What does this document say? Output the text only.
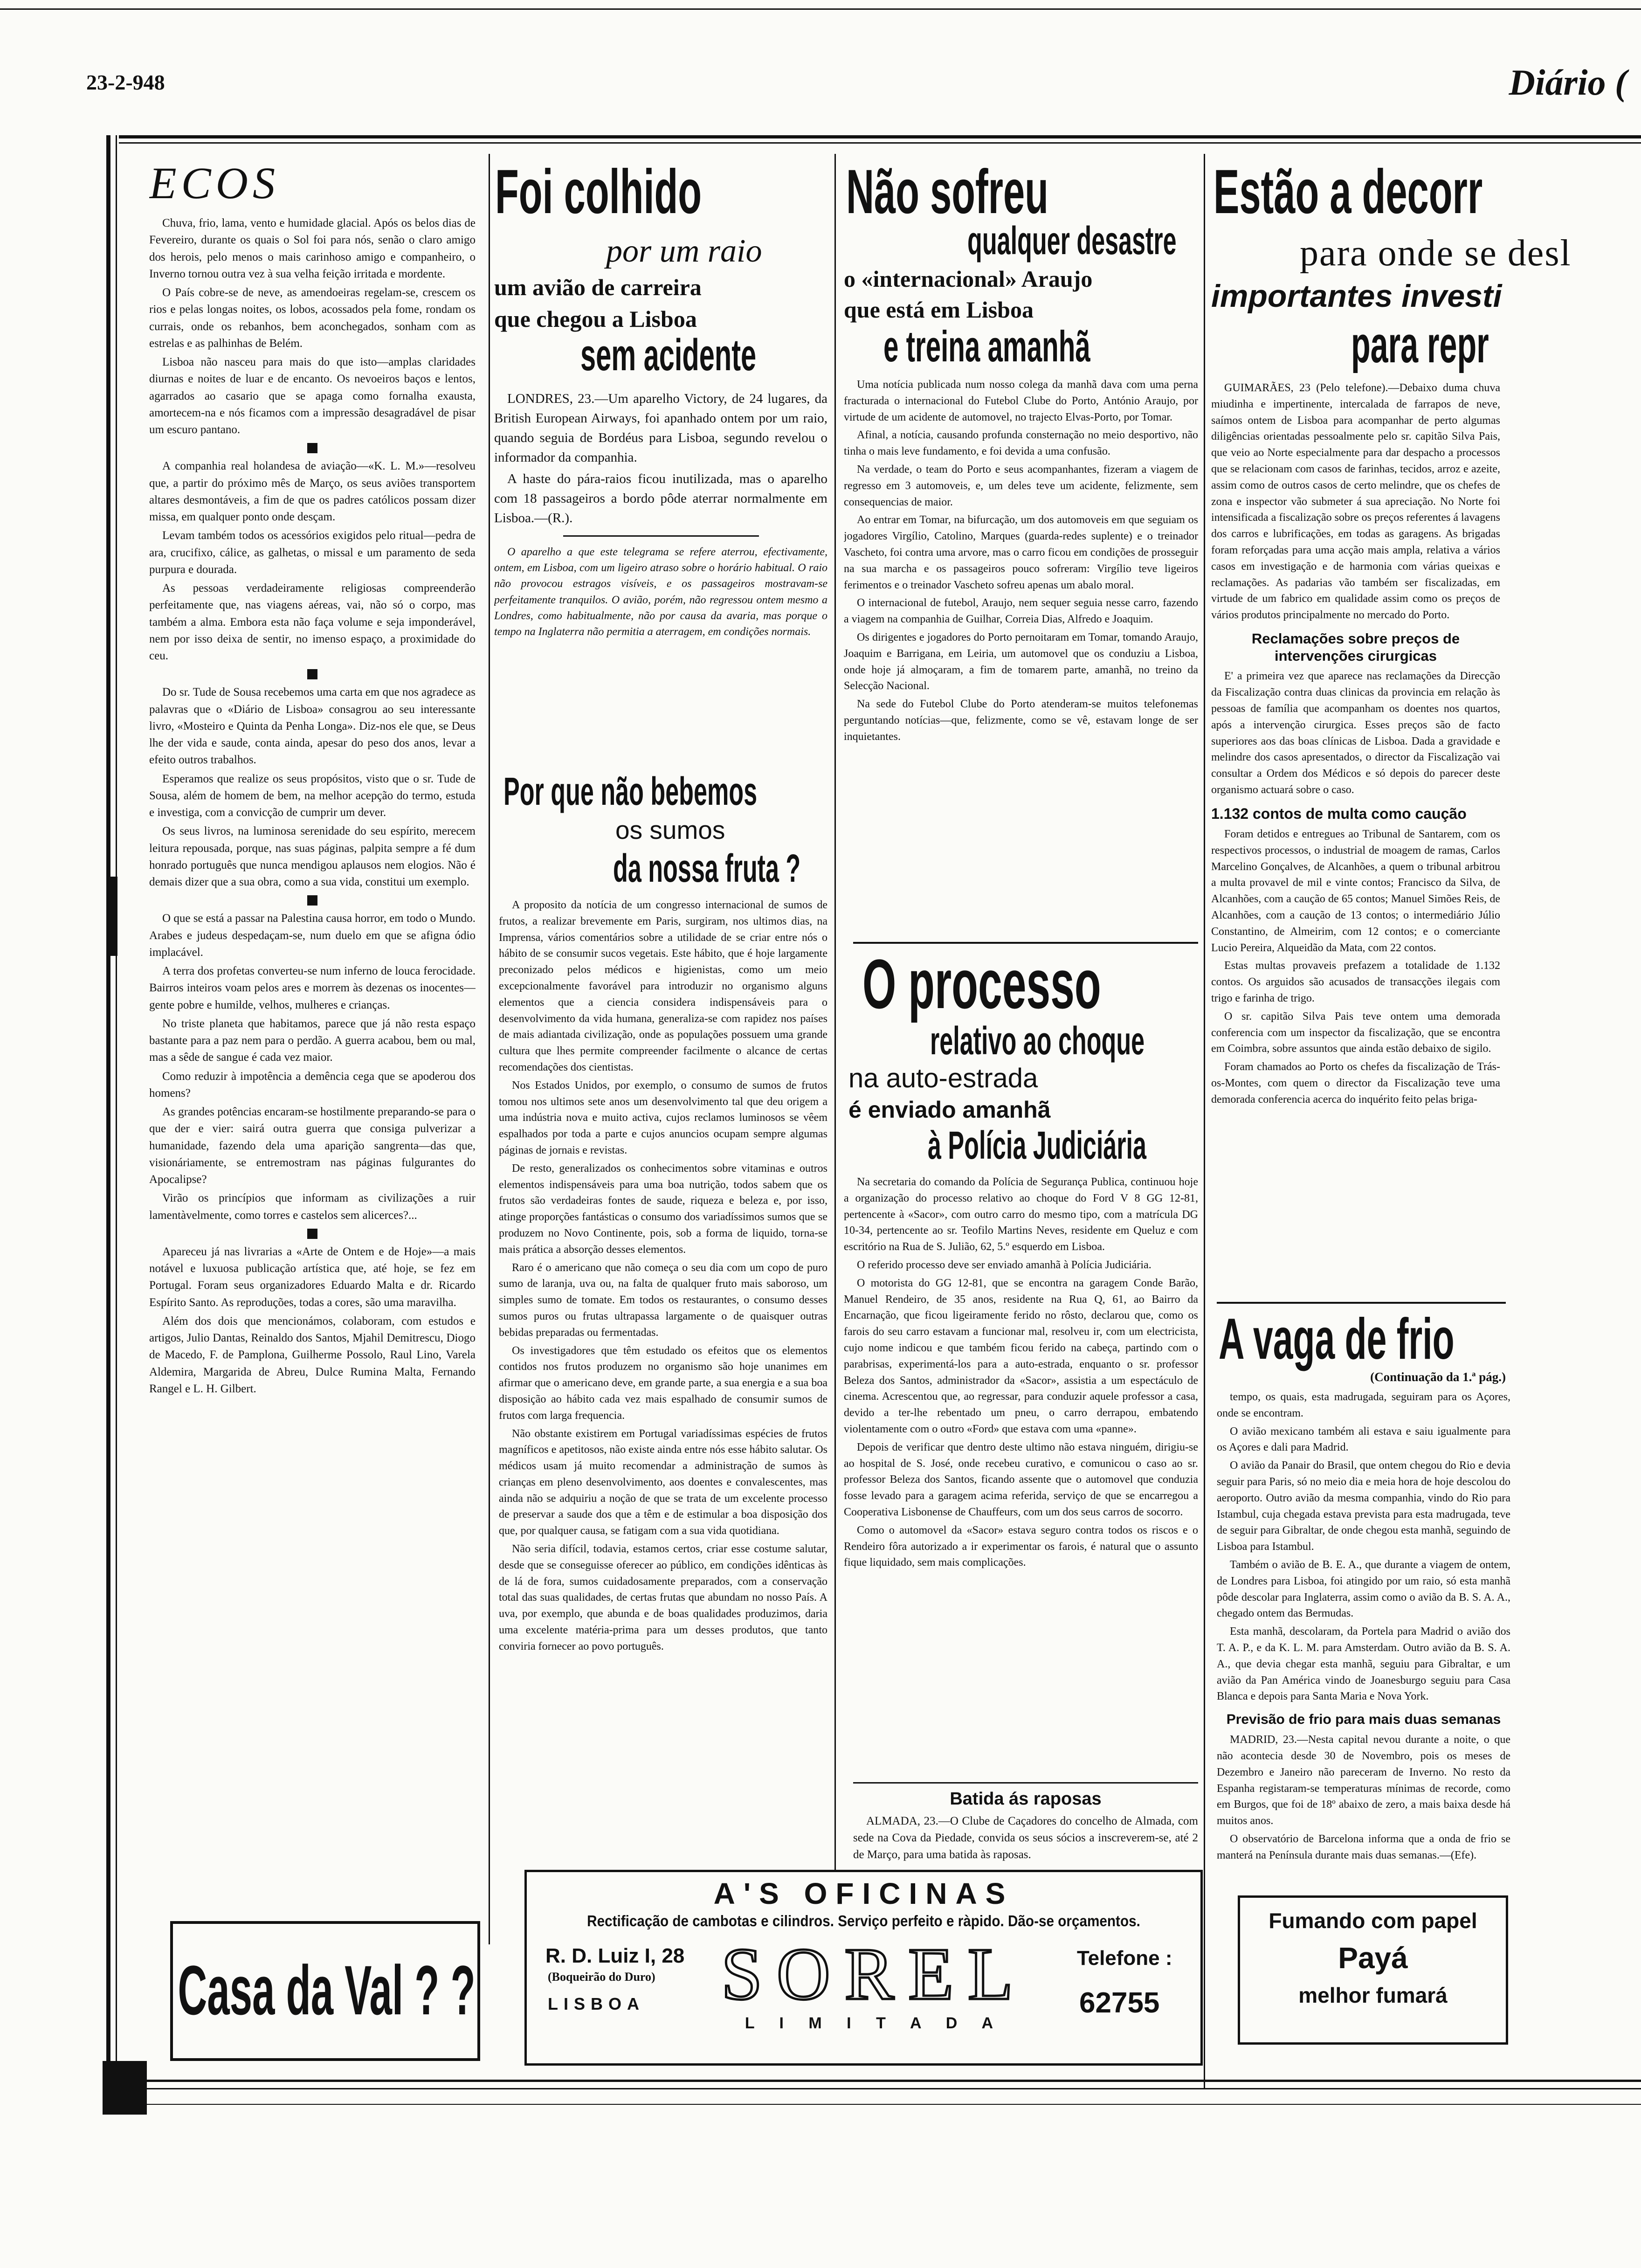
23-2-948	Diário (
ECOS
Chuva, frio, lama, vento e humidade glacial. Após os belos dias de Fevereiro, durante os quais o Sol foi para nós, senão o claro amigo dos herois, pelo menos o mais carinhoso amigo e companheiro, o Inverno tornou outra vez à sua velha feição irritada e mordente.
O País cobre-se de neve, as amendoeiras regelam-se, crescem os rios e pelas longas noites, os lobos, acossados pela fome, rondam os currais, onde os rebanhos, bem aconchegados, sonham com as estrelas e as palhinhas de Belém.
Lisboa não nasceu para mais do que isto—amplas claridades diurnas e noites de luar e de encanto. Os nevoeiros baços e lentos, agarrados ao casario que se apaga como fornalha exausta, amortecem-na e nós ficamos com a impressão desagradável de pisar um escuro pantano.
A companhia real holandesa de aviação—«K. L. M.»—resolveu que, a partir do próximo mês de Março, os seus aviões transportem altares desmontáveis, a fim de que os padres católicos possam dizer missa, em qualquer ponto onde desçam.
Levam também todos os acessórios exigidos pelo ritual—pedra de ara, crucifixo, cálice, as galhetas, o missal e um paramento de seda purpura e dourada.
As pessoas verdadeiramente religiosas compreenderão perfeitamente que, nas viagens aéreas, vai, não só o corpo, mas também a alma. Embora esta não faça volume e seja imponderável, nem por isso deixa de sentir, no imenso espaço, a proximidade do ceu.
Do sr. Tude de Sousa recebemos uma carta em que nos agradece as palavras que o «Diário de Lisboa» consagrou ao seu interessante livro, «Mosteiro e Quinta da Penha Longa». Diz-nos ele que, se Deus lhe der vida e saude, conta ainda, apesar do peso dos anos, levar a efeito outros trabalhos.
Esperamos que realize os seus propósitos, visto que o sr. Tude de Sousa, além de homem de bem, na melhor acepção do termo, estuda e investiga, com a convicção de cumprir um dever.
Os seus livros, na luminosa serenidade do seu espírito, merecem leitura repousada, porque, nas suas páginas, palpita sempre a fé dum honrado português que nunca mendigou aplausos nem elogios. Não é demais dizer que a sua obra, como a sua vida, constitui um exemplo.
O que se está a passar na Palestina causa horror, em todo o Mundo. Arabes e judeus despedaçam-se, num duelo em que se afigna ódio implacável.
A terra dos profetas converteu-se num inferno de louca ferocidade. Bairros inteiros voam pelos ares e morrem às dezenas os inocentes—gente pobre e humilde, velhos, mulheres e crianças.
No triste planeta que habitamos, parece que já não resta espaço bastante para a paz nem para o perdão. A guerra acabou, bem ou mal, mas a sêde de sangue é cada vez maior.
Como reduzir à impotência a demência cega que se apoderou dos homens?
As grandes potências encaram-se hostilmente preparando-se para o que der e vier: sairá outra guerra que consiga pulverizar a humanidade, fazendo dela uma aparição sangrenta—das que, visionáriamente, se entremostram nas páginas fulgurantes do Apocalipse?
Virão os princípios que informam as civilizações a ruir lamentàvelmente, como torres e castelos sem alicerces?...
Apareceu já nas livrarias a «Arte de Ontem e de Hoje»—a mais notável e luxuosa publicação artística que, até hoje, se fez em Portugal. Foram seus organizadores Eduardo Malta e dr. Ricardo Espírito Santo. As reproduções, todas a cores, são uma maravilha.
Além dos dois que mencionámos, colaboram, com estudos e artigos, Julio Dantas, Reinaldo dos Santos, Mjahil Demitrescu, Diogo de Macedo, F. de Pamplona, Guilherme Possolo, Raul Lino, Varela Aldemira, Margarida de Abreu, Dulce Rumina Malta, Fernando Rangel e L. H. Gilbert.
Casa da Val ? ?
Foi colhido
por um raio
um avião de carreira
que chegou a Lisboa
sem acidente
LONDRES, 23.—Um aparelho Victory, de 24 lugares, da British European Airways, foi apanhado ontem por um raio, quando seguia de Bordéus para Lisboa, segundo revelou o informador da companhia.
A haste do pára-raios ficou inutilizada, mas o aparelho com 18 passageiros a bordo pôde aterrar normalmente em Lisboa.—(R.).
O aparelho a que este telegrama se refere aterrou, efectivamente, ontem, em Lisboa, com um ligeiro atraso sobre o horário habitual. O raio não provocou estragos visíveis, e os passageiros mostravam-se perfeitamente tranquilos. O avião, porém, não regressou ontem mesmo a Londres, como habitualmente, não por causa da avaria, mas porque o tempo na Inglaterra não permitia a aterragem, em condições normais.
Por que não bebemos
os sumos
da nossa fruta ?
A proposito da notícia de um congresso internacional de sumos de frutos, a realizar brevemente em Paris, surgiram, nos ultimos dias, na Imprensa, vários comentários sobre a utilidade de se criar entre nós o hábito de se consumir sucos vegetais. Este hábito, que é hoje largamente preconizado pelos médicos e higienistas, como um meio excepcionalmente favorável para introduzir no organismo alguns elementos que a ciencia considera indispensáveis para o desenvolvimento da vida humana, generaliza-se com rapidez nos países de mais adiantada civilização, onde as populações possuem uma grande cultura que lhes permite compreender facilmente o alcance de certas recomendações dos cientistas.
Nos Estados Unidos, por exemplo, o consumo de sumos de frutos tomou nos ultimos sete anos um desenvolvimento tal que deu origem a uma indústria nova e muito activa, cujos reclamos luminosos se vêem espalhados por toda a parte e cujos anuncios ocupam sempre algumas páginas de jornais e revistas.
De resto, generalizados os conhecimentos sobre vitaminas e outros elementos indispensáveis para uma boa nutrição, todos sabem que os frutos são verdadeiras fontes de saude, riqueza e beleza e, por isso, atinge proporções fantásticas o consumo dos variadíssimos sumos que se produzem no Novo Continente, pois, sob a forma de liquido, torna-se mais prática a absorção desses elementos.
Raro é o americano que não começa o seu dia com um copo de puro sumo de laranja, uva ou, na falta de qualquer fruto mais saboroso, um simples sumo de tomate. Em todos os restaurantes, o consumo desses sumos puros ou frutas ultrapassa largamente o de quaisquer outras bebidas preparadas ou fermentadas.
Os investigadores que têm estudado os efeitos que os elementos contidos nos frutos produzem no organismo são hoje unanimes em afirmar que o americano deve, em grande parte, a sua energia e a sua boa disposição ao hábito cada vez mais espalhado de consumir sumos de frutos com larga frequencia.
Não obstante existirem em Portugal variadíssimas espécies de frutos magníficos e apetitosos, não existe ainda entre nós esse hábito salutar. Os médicos usam já muito recomendar a administração de sumos às crianças em pleno desenvolvimento, aos doentes e convalescentes, mas ainda não se adquiriu a noção de que se trata de um excelente processo de preservar a saude dos que a têm e de estimular a boa disposição dos que, por qualquer causa, se fatigam com a sua vida quotidiana.
Não seria difícil, todavia, estamos certos, criar esse costume salutar, desde que se conseguisse oferecer ao público, em condições idênticas às de lá de fora, sumos cuidadosamente preparados, com a conservação total das suas qualidades, de certas frutas que abundam no nosso País. A uva, por exemplo, que abunda e de boas qualidades produzimos, daria uma excelente matéria-prima para um desses produtos, que tanto conviria fornecer ao povo português.
Não sofreu
qualquer desastre
o «internacional» Araujo
que está em Lisboa
e treina amanhã
Uma notícia publicada num nosso colega da manhã dava com uma perna fracturada o internacional do Futebol Clube do Porto, António Araujo, por virtude de um acidente de automovel, no trajecto Elvas-Porto, por Tomar.
Afinal, a notícia, causando profunda consternação no meio desportivo, não tinha o mais leve fundamento, e foi devida a uma confusão.
Na verdade, o team do Porto e seus acompanhantes, fizeram a viagem de regresso em 3 automoveis, e, um deles teve um acidente, felizmente, sem consequencias de maior.
Ao entrar em Tomar, na bifurcação, um dos automoveis em que seguiam os jogadores Virgílio, Catolino, Marques (guarda-redes suplente) e o treinador Vascheto, foi contra uma arvore, mas o carro ficou em condições de prosseguir na sua marcha e os passageiros pouco sofreram: Virgílio teve ligeiros ferimentos e o treinador Vascheto sofreu apenas um abalo moral.
O internacional de futebol, Araujo, nem sequer seguia nesse carro, fazendo a viagem na companhia de Guilhar, Correia Dias, Alfredo e Joaquim.
Os dirigentes e jogadores do Porto pernoitaram em Tomar, tomando Araujo, Joaquim e Barrigana, em Leiria, um automovel que os conduziu a Lisboa, onde hoje já almoçaram, a fim de tomarem parte, amanhã, no treino da Selecção Nacional.
Na sede do Futebol Clube do Porto atenderam-se muitos telefonemas perguntando notícias—que, felizmente, como se vê, estavam longe de ser inquietantes.
O processo
relativo ao choque
na auto-estrada
é enviado amanhã
à Polícia Judiciária
Na secretaria do comando da Polícia de Segurança Publica, continuou hoje a organização do processo relativo ao choque do Ford V 8 GG 12-81, pertencente à «Sacor», com outro carro do mesmo tipo, com a matrícula DG 10-34, pertencente ao sr. Teofilo Martins Neves, residente em Queluz e com escritório na Rua de S. Julião, 62, 5.º esquerdo em Lisboa.
O referido processo deve ser enviado amanhã à Polícia Judiciária.
O motorista do GG 12-81, que se encontra na garagem Conde Barão, Manuel Rendeiro, de 35 anos, residente na Rua Q, 61, ao Bairro da Encarnação, que ficou ligeiramente ferido no rôsto, declarou que, como os farois do seu carro estavam a funcionar mal, resolveu ir, com um electricista, cujo nome indicou e que também ficou ferido na cabeça, partindo com o parabrisas, experimentá-los para a auto-estrada, enquanto o sr. professor Beleza dos Santos, administrador da «Sacor», assistia a um espectáculo de cinema. Acrescentou que, ao regressar, para conduzir aquele professor a casa, devido a ter-lhe rebentado um pneu, o carro derrapou, embatendo violentamente com o outro «Ford» que estava com uma «panne».
Depois de verificar que dentro deste ultimo não estava ninguém, dirigiu-se ao hospital de S. José, onde recebeu curativo, e comunicou o caso ao sr. professor Beleza dos Santos, ficando assente que o automovel que conduzia fosse levado para a garagem acima referida, serviço de que se encarregou a Cooperativa Lisbonense de Chauffeurs, com um dos seus carros de socorro.
Como o automovel da «Sacor» estava seguro contra todos os riscos e o Rendeiro fôra autorizado a ir experimentar os farois, é natural que o assunto fique liquidado, sem mais complicações.
Batida ás raposas
ALMADA, 23.—O Clube de Caçadores do concelho de Almada, com sede na Cova da Piedade, convida os seus sócios a inscreverem-se, até 2 de Março, para uma batida às raposas.
A'S OFICINAS
Rectificação de cambotas e cilindros. Serviço perfeito e ràpido. Dão-se orçamentos.
R. D. Luiz I, 28
(Boqueirão do Duro)
LISBOA	SOREL
L I M I T A D A
Telefone :
62755
Estão a decorr
para onde se desl
importantes investi
para repr
GUIMARÃES, 23 (Pelo telefone).—Debaixo duma chuva miudinha e impertinente, intercalada de farrapos de neve, saímos ontem de Lisboa para acompanhar de perto algumas diligências orientadas pessoalmente pelo sr. capitão Silva Pais, que veio ao Norte especialmente para dar despacho a processos que se relacionam com casos de farinhas, tecidos, arroz e azeite, assim como de outros casos de certo melindre, que os chefes de zona e inspector vão submeter á sua apreciação. No Norte foi intensificada a fiscalização sobre os preços referentes á lavagens dos carros e lubrificações, em todas as garagens. As brigadas foram reforçadas para uma acção mais ampla, relativa a vários casos em investigação e de harmonia com várias queixas e reclamações. As padarias vão também ser fiscalizadas, em virtude de um fabrico em qualidade assim como os preços de vários produtos principalmente no mercado do Porto.
Reclamações sobre preços de intervenções cirurgicas
E' a primeira vez que aparece nas reclamações da Direcção da Fiscalização contra duas clinicas da provincia em relação às pessoas de família que acompanham os doentes nos quartos, após a intervenção cirurgica. Esses preços são de facto superiores aos das boas clínicas de Lisboa. Dada a gravidade e melindre dos casos apresentados, o director da Fiscalização vai consultar a Ordem dos Médicos e só depois do parecer deste organismo actuará sobre o caso.
1.132 contos de multa como caução
Foram detidos e entregues ao Tribunal de Santarem, com os respectivos processos, o industrial de moagem de ramas, Carlos Marcelino Gonçalves, de Alcanhões, a quem o tribunal arbitrou a multa provavel de mil e vinte contos; Francisco da Silva, de Alcanhões, com a caução de 65 contos; Manuel Simões Reis, de Alcanhões, com a caução de 13 contos; o intermediário Júlio Constantino, de Almeirim, com 12 contos; e o comerciante Lucio Pereira, Alqueidão da Mata, com 22 contos.
Estas multas provaveis prefazem a totalidade de 1.132 contos. Os arguidos são acusados de transacções ilegais com trigo e farinha de trigo.
O sr. capitão Silva Pais teve ontem uma demorada conferencia com um inspector da fiscalização, que se encontra em Coimbra, sobre assuntos que ainda estão debaixo de sigilo.
Foram chamados ao Porto os chefes da fiscalização de Trás-os-Montes, com quem o director da Fiscalização teve uma demorada conferencia acerca do inquérito feito pelas briga-
A vaga de frio
(Continuação da 1.ª pág.)
tempo, os quais, esta madrugada, seguiram para os Açores, onde se encontram.
O avião mexicano também ali estava e saiu igualmente para os Açores e dali para Madrid.
O avião da Panair do Brasil, que ontem chegou do Rio e devia seguir para Paris, só no meio dia e meia hora de hoje descolou do aeroporto. Outro avião da mesma companhia, vindo do Rio para Istambul, cuja chegada estava prevista para esta madrugada, teve de seguir para Gibraltar, de onde chegou esta manhã, seguindo de Lisboa para Istambul.
Também o avião de B. E. A., que durante a viagem de ontem, de Londres para Lisboa, foi atingido por um raio, só esta manhã pôde descolar para Inglaterra, assim como o avião da B. S. A. A., chegado ontem das Bermudas.
Esta manhã, descolaram, da Portela para Madrid o avião dos T. A. P., e da K. L. M. para Amsterdam. Outro avião da B. S. A. A., que devia chegar esta manhã, seguiu para Gibraltar, e um avião da Pan América vindo de Joanesburgo seguiu para Casa Blanca e depois para Santa Maria e Nova York.
Previsão de frio para mais duas semanas
MADRID, 23.—Nesta capital nevou durante a noite, o que não acontecia desde 30 de Novembro, pois os meses de Dezembro e Janeiro não pareceram de Inverno. No resto da Espanha registaram-se temperaturas mínimas de recorde, como em Burgos, que foi de 18º abaixo de zero, a mais baixa desde há muitos anos.
O observatório de Barcelona informa que a onda de frio se manterá na Península durante mais duas semanas.—(Efe).
Fumando com papel
Payá
melhor fumará
